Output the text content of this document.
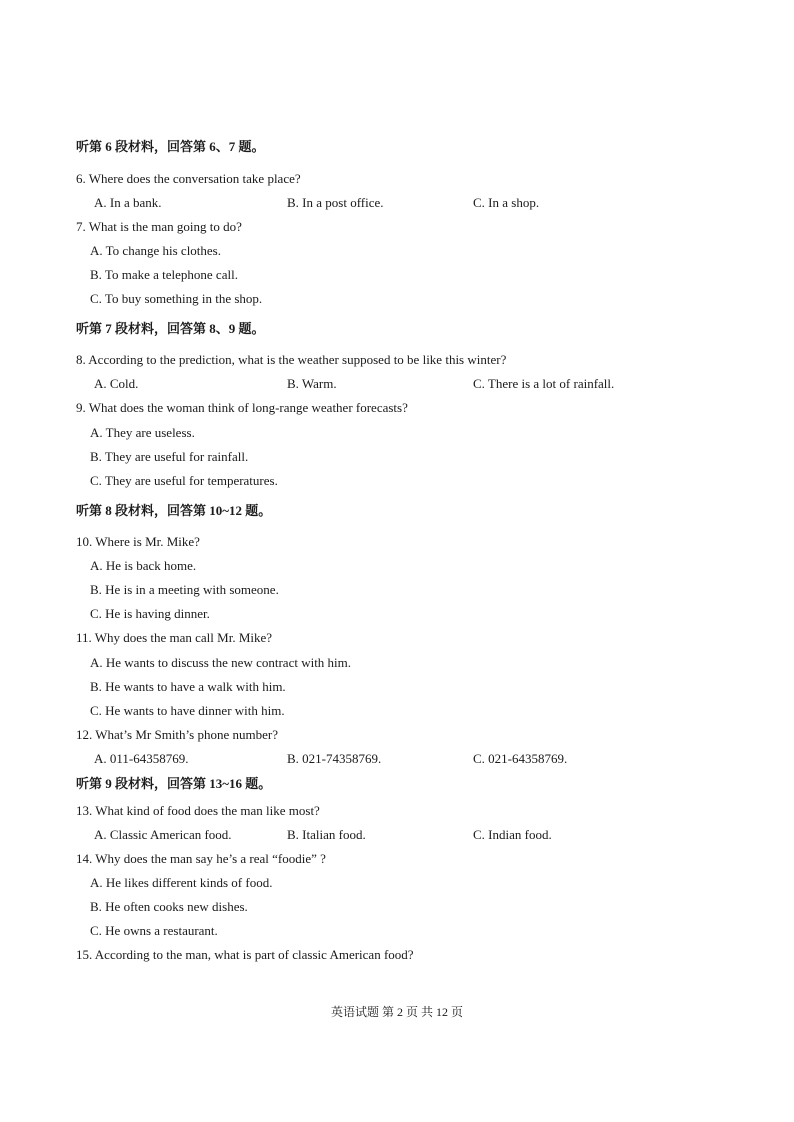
听第 6 段材料，回答第 6、7 题。
6. Where does the conversation take place?
A. In a bank.	B. In a post office.	C. In a shop.
7. What is the man going to do?
A. To change his clothes.
B. To make a telephone call.
C. To buy something in the shop.
听第 7 段材料，回答第 8、9 题。
8. According to the prediction, what is the weather supposed to be like this winter?
A. Cold.	B. Warm.	C. There is a lot of rainfall.
9. What does the woman think of long-range weather forecasts?
A. They are useless.
B. They are useful for rainfall.
C. They are useful for temperatures.
听第 8 段材料，回答第 10~12 题。
10. Where is Mr. Mike?
A. He is back home.
B. He is in a meeting with someone.
C. He is having dinner.
11. Why does the man call Mr. Mike?
A. He wants to discuss the new contract with him.
B. He wants to have a walk with him.
C. He wants to have dinner with him.
12. What’s Mr Smith’s phone number?
A. 011-64358769.	B. 021-74358769.	C. 021-64358769.
听第 9 段材料，回答第 13~16 题。
13. What kind of food does the man like most?
A. Classic American food.	B. Italian food.	C. Indian food.
14. Why does the man say he’s a real “foodie” ?
A. He likes different kinds of food.
B. He often cooks new dishes.
C. He owns a restaurant.
15. According to the man, what is part of classic American food?
英语试题 第 2 页 共 12 页
